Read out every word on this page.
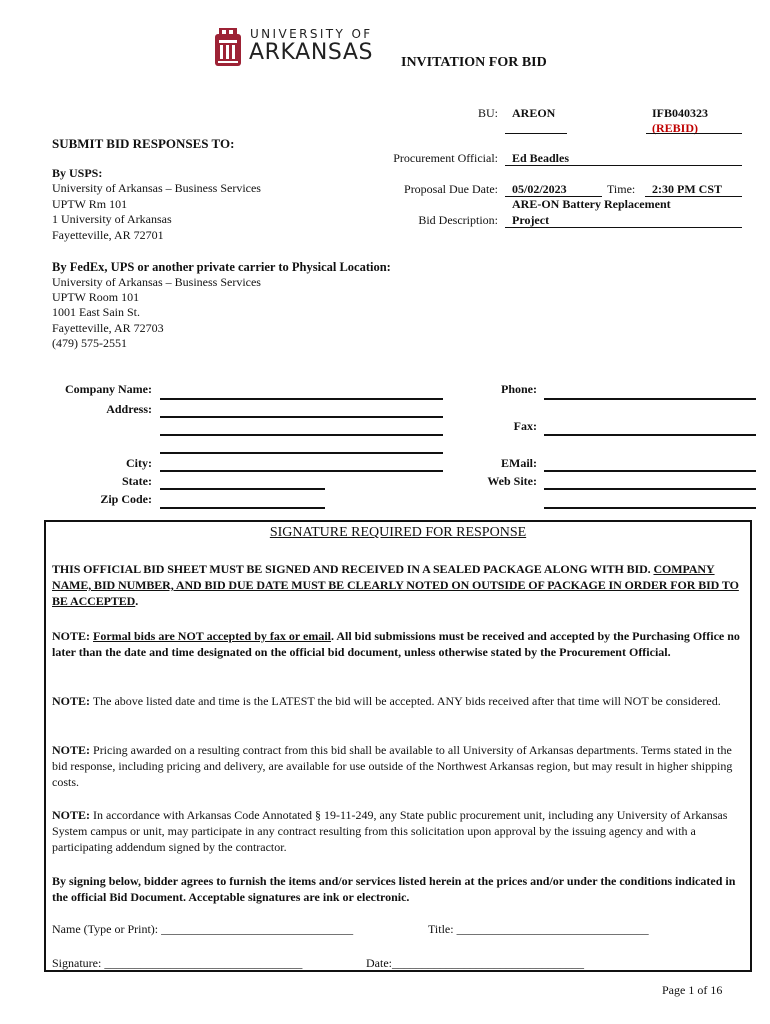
UNIVERSITY OF
ARKANSAS INVITATION FOR BID
BU: AREON	IFB040323
(REBID)
Procurement Official: Ed Beadles
Proposal Due Date: 05/02/2023	Time: 2:30 PM CST
ARE-ON Battery Replacement
Bid Description: Project
SUBMIT BID RESPONSES TO:
By USPS:
University of Arkansas – Business Services
UPTW Rm 101
1 University of Arkansas
Fayetteville, AR 72701
By FedEx, UPS or another private carrier to Physical Location:
University of Arkansas – Business Services
UPTW Room 101
1001 East Sain St.
Fayetteville, AR 72703
(479) 575-2551
Company Name:
Address:
City:
State:
Zip Code:
Phone:
Fax:
EMail:
Web Site:
SIGNATURE REQUIRED FOR RESPONSE
THIS OFFICIAL BID SHEET MUST BE SIGNED AND RECEIVED IN A SEALED PACKAGE ALONG WITH BID. COMPANY NAME, BID NUMBER, AND BID DUE DATE MUST BE CLEARLY NOTED ON OUTSIDE OF PACKAGE IN ORDER FOR BID TO BE ACCEPTED.
NOTE: Formal bids are NOT accepted by fax or email. All bid submissions must be received and accepted by the Purchasing Office no later than the date and time designated on the official bid document, unless otherwise stated by the Procurement Official.
NOTE: The above listed date and time is the LATEST the bid will be accepted. ANY bids received after that time will NOT be considered.
NOTE: Pricing awarded on a resulting contract from this bid shall be available to all University of Arkansas departments. Terms stated in the bid response, including pricing and delivery, are available for use outside of the Northwest Arkansas region, but may result in higher shipping costs.
NOTE: In accordance with Arkansas Code Annotated § 19-11-249, any State public procurement unit, including any University of Arkansas System campus or unit, may participate in any contract resulting from this solicitation upon approval by the issuing agency and with a participating addendum signed by the contractor.
By signing below, bidder agrees to furnish the items and/or services listed herein at the prices and/or under the conditions indicated in the official Bid Document. Acceptable signatures are ink or electronic.
Name (Type or Print): ________________________________	Title: ________________________________
Signature: _________________________________	Date:________________________________
Page 1 of 16
